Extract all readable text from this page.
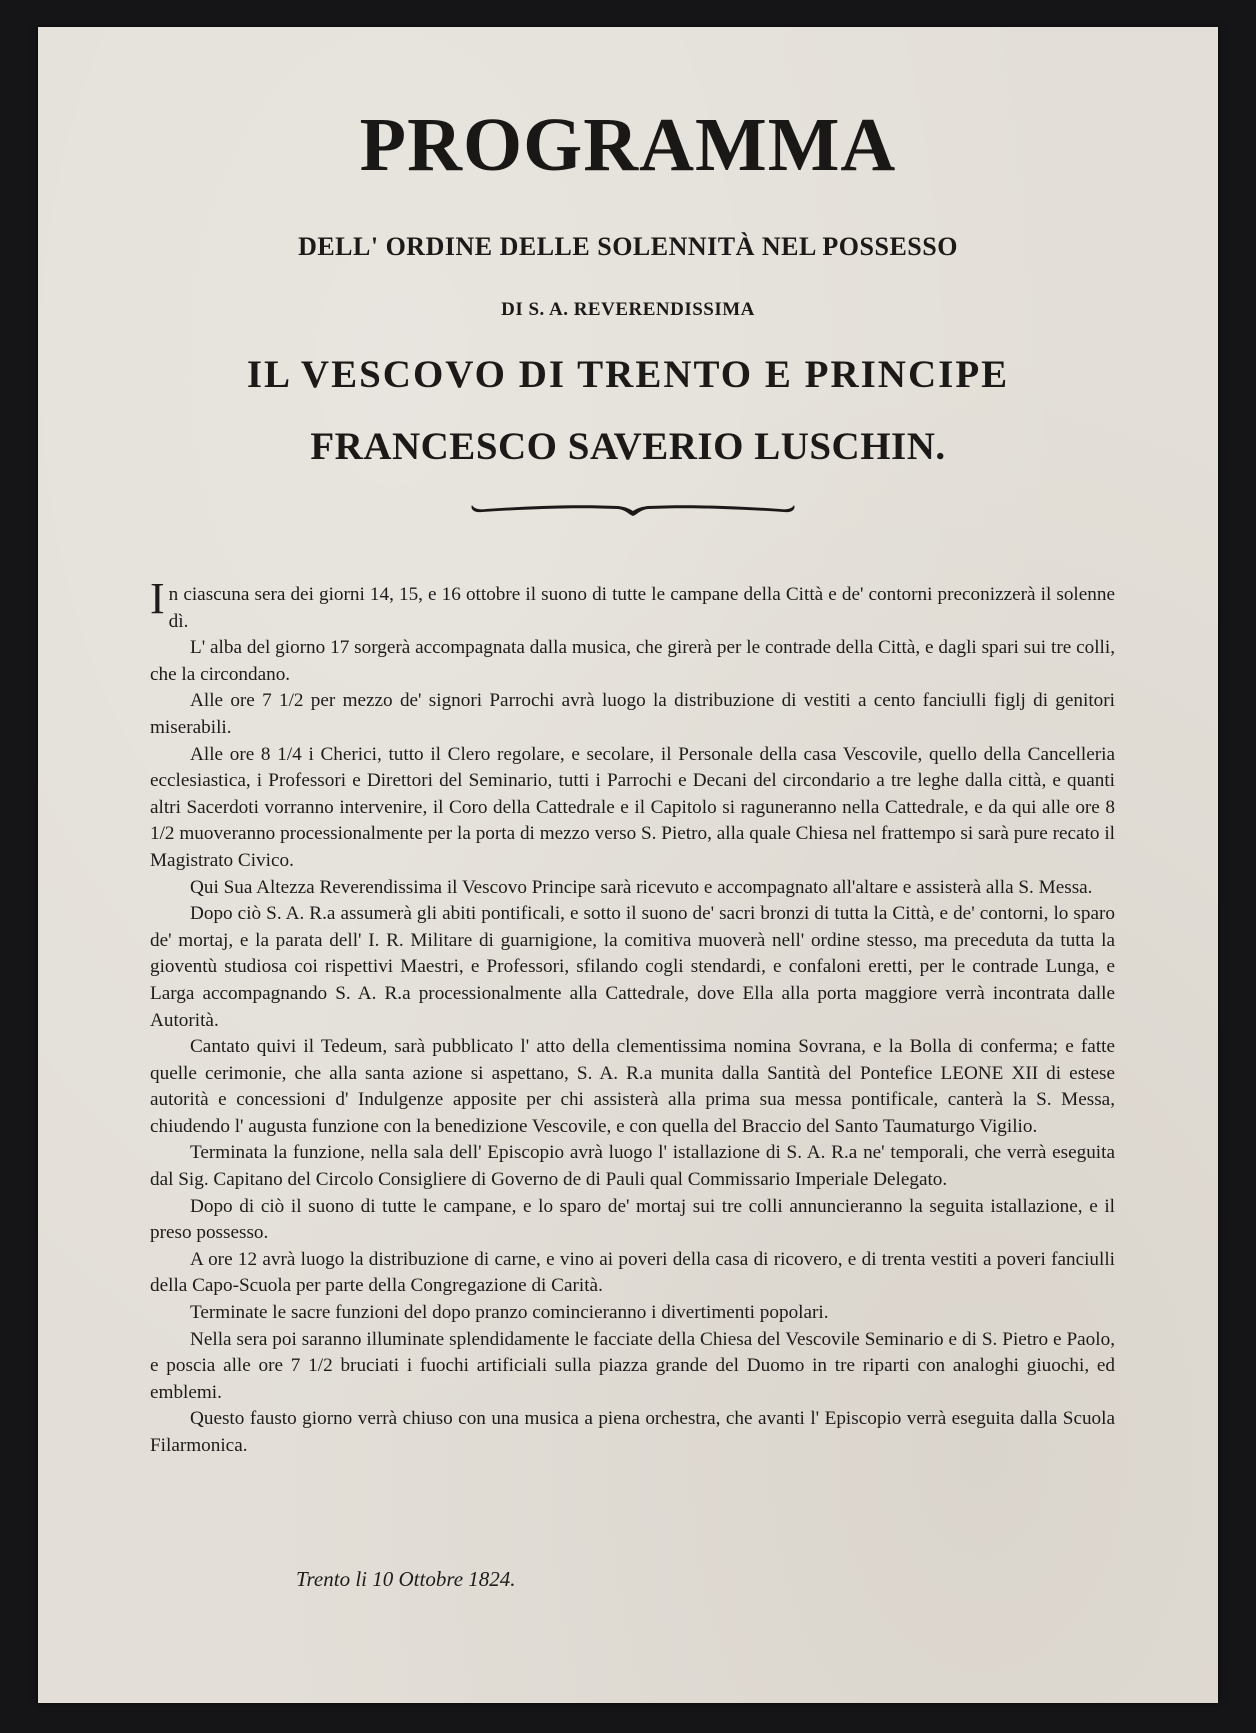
PROGRAMMA
DELL' ORDINE DELLE SOLENNITÀ NEL POSSESSO
DI S. A. REVERENDISSIMA
IL VESCOVO DI TRENTO E PRINCIPE
FRANCESCO SAVERIO LUSCHIN.

In ciascuna sera dei giorni 14, 15, e 16 ottobre il suono di tutte le campane della Città e de' contorni preconizzerà il solenne dì.

L' alba del giorno 17 sorgerà accompagnata dalla musica, che girerà per le contrade della Città, e dagli spari sui tre colli, che la circondano.

Alle ore 7 1/2 per mezzo de' signori Parrochi avrà luogo la distribuzione di vestiti a cento fanciulli figlj di genitori miserabili.

Alle ore 8 1/4 i Cherici, tutto il Clero regolare, e secolare, il Personale della casa Vescovile, quello della Cancelleria ecclesiastica, i Professori e Direttori del Seminario, tutti i Parrochi e Decani del circondario a tre leghe dalla città, e quanti altri Sacerdoti vorranno intervenire, il Coro della Cattedrale e il Capitolo si raguneranno nella Cattedrale, e da qui alle ore 8 1/2 muoveranno processionalmente per la porta di mezzo verso S. Pietro, alla quale Chiesa nel frattempo si sarà pure recato il Magistrato Civico.

Qui Sua Altezza Reverendissima il Vescovo Principe sarà ricevuto e accompagnato all'altare e assisterà alla S. Messa.

Dopo ciò S. A. R.a assumerà gli abiti pontificali, e sotto il suono de' sacri bronzi di tutta la Città, e de' contorni, lo sparo de' mortaj, e la parata dell' I. R. Militare di guarnigione, la comitiva muoverà nell' ordine stesso, ma preceduta da tutta la gioventù studiosa coi rispettivi Maestri, e Professori, sfilando cogli stendardi, e confaloni eretti, per le contrade Lunga, e Larga accompagnando S. A. R.a processionalmente alla Cattedrale, dove Ella alla porta maggiore verrà incontrata dalle Autorità.

Cantato quivi il Tedeum, sarà pubblicato l' atto della clementissima nomina Sovrana, e la Bolla di conferma; e fatte quelle cerimonie, che alla santa azione si aspettano, S. A. R.a munita dalla Santità del Pontefice LEONE XII di estese autorità e concessioni d' Indulgenze apposite per chi assisterà alla prima sua messa pontificale, canterà la S. Messa, chiudendo l' augusta funzione con la benedizione Vescovile, e con quella del Braccio del Santo Taumaturgo Vigilio.

Terminata la funzione, nella sala dell' Episcopio avrà luogo l' istallazione di S. A. R.a ne' temporali, che verrà eseguita dal Sig. Capitano del Circolo Consigliere di Governo de di Pauli qual Commissario Imperiale Delegato.

Dopo di ciò il suono di tutte le campane, e lo sparo de' mortaj sui tre colli annuncieranno la seguita istallazione, e il preso possesso.

A ore 12 avrà luogo la distribuzione di carne, e vino ai poveri della casa di ricovero, e di trenta vestiti a poveri fanciulli della Capo-Scuola per parte della Congregazione di Carità.

Terminate le sacre funzioni del dopo pranzo comincieranno i divertimenti popolari.

Nella sera poi saranno illuminate splendidamente le facciate della Chiesa del Vescovile Seminario e di S. Pietro e Paolo, e poscia alle ore 7 1/2 bruciati i fuochi artificiali sulla piazza grande del Duomo in tre riparti con analoghi giuochi, ed emblemi.

Questo fausto giorno verrà chiuso con una musica a piena orchestra, che avanti l' Episcopio verrà eseguita dalla Scuola Filarmonica.

Trento li 10 Ottobre 1824.
